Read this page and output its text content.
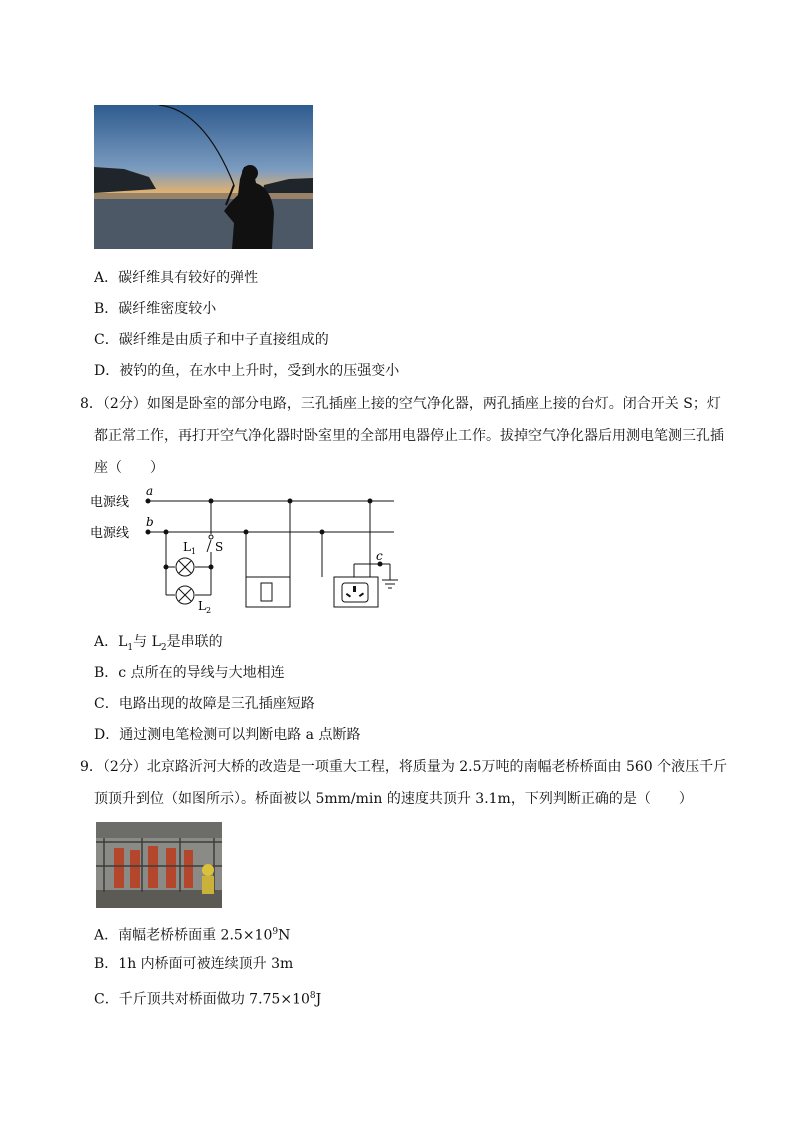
A．碳纤维具有较好的弹性
B．碳纤维密度较小
C．碳纤维是由质子和中子直接组成的
D．被钓的鱼，在水中上升时，受到水的压强变小
8．（2分）如图是卧室的部分电路，三孔插座上接的空气净化器，两孔插座上接的台灯。闭合开关 S；灯
都正常工作，再打开空气净化器时卧室里的全部用电器停止工作。拔掉空气净化器后用测电笔测三孔插
座（　　）
电源线
电源线
a
b
c
S
$L_1$
$L_2$
A．$L_1$与 $L_2$是串联的
B．c 点所在的导线与大地相连
C．电路出现的故障是三孔插座短路
D．通过测电笔检测可以判断电路 a 点断路
9．（2分）北京路沂河大桥的改造是一项重大工程，将质量为 2.5万吨的南幅老桥桥面由 560 个液压千斤
顶顶升到位（如图所示）。桥面被以 5mm/min 的速度共顶升 3.1m，下列判断正确的是（　　）
A．南幅老桥桥面重 $2.5\times 10^9N$
B．1h 内桥面可被连续顶升 3m
C．千斤顶共对桥面做功 $7.75\times 10^8J$
